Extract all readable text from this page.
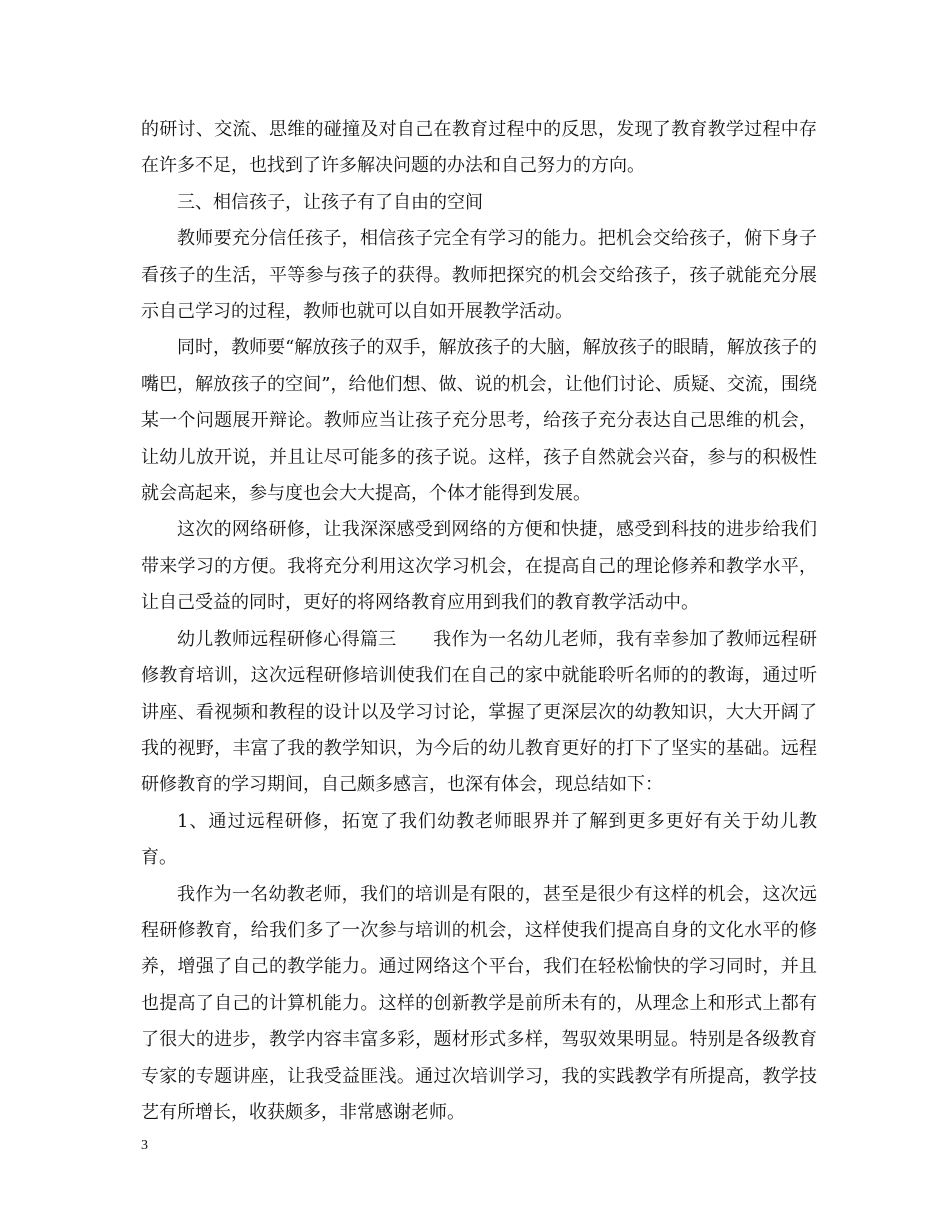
的研讨、交流、思维的碰撞及对自己在教育过程中的反思，发现了教育教学过程中存在许多不足，也找到了许多解决问题的办法和自己努力的方向。

三、相信孩子，让孩子有了自由的空间

教师要充分信任孩子，相信孩子完全有学习的能力。把机会交给孩子，俯下身子看孩子的生活，平等参与孩子的获得。教师把探究的机会交给孩子，孩子就能充分展示自己学习的过程，教师也就可以自如开展教学活动。

同时，教师要“解放孩子的双手，解放孩子的大脑，解放孩子的眼睛，解放孩子的嘴巴，解放孩子的空间”，给他们想、做、说的机会，让他们讨论、质疑、交流，围绕某一个问题展开辩论。教师应当让孩子充分思考，给孩子充分表达自己思维的机会，让幼儿放开说，并且让尽可能多的孩子说。这样，孩子自然就会兴奋，参与的积极性就会高起来，参与度也会大大提高，个体才能得到发展。

这次的网络研修，让我深深感受到网络的方便和快捷，感受到科技的进步给我们带来学习的方便。我将充分利用这次学习机会，在提高自己的理论修养和教学水平，让自己受益的同时，更好的将网络教育应用到我们的教育教学活动中。

幼儿教师远程研修心得篇三　　我作为一名幼儿老师，我有幸参加了教师远程研修教育培训，这次远程研修培训使我们在自己的家中就能聆听名师的的教诲，通过听讲座、看视频和教程的设计以及学习讨论，掌握了更深层次的幼教知识，大大开阔了我的视野，丰富了我的教学知识，为今后的幼儿教育更好的打下了坚实的基础。远程研修教育的学习期间，自己颇多感言，也深有体会，现总结如下：

1、通过远程研修，拓宽了我们幼教老师眼界并了解到更多更好有关于幼儿教育。

我作为一名幼教老师，我们的培训是有限的，甚至是很少有这样的机会，这次远程研修教育，给我们多了一次参与培训的机会，这样使我们提高自身的文化水平的修养，增强了自己的教学能力。通过网络这个平台，我们在轻松愉快的学习同时，并且也提高了自己的计算机能力。这样的创新教学是前所未有的，从理念上和形式上都有了很大的进步，教学内容丰富多彩，题材形式多样，驾驭效果明显。特别是各级教育专家的专题讲座，让我受益匪浅。通过次培训学习，我的实践教学有所提高，教学技艺有所增长，收获颇多，非常感谢老师。

3
